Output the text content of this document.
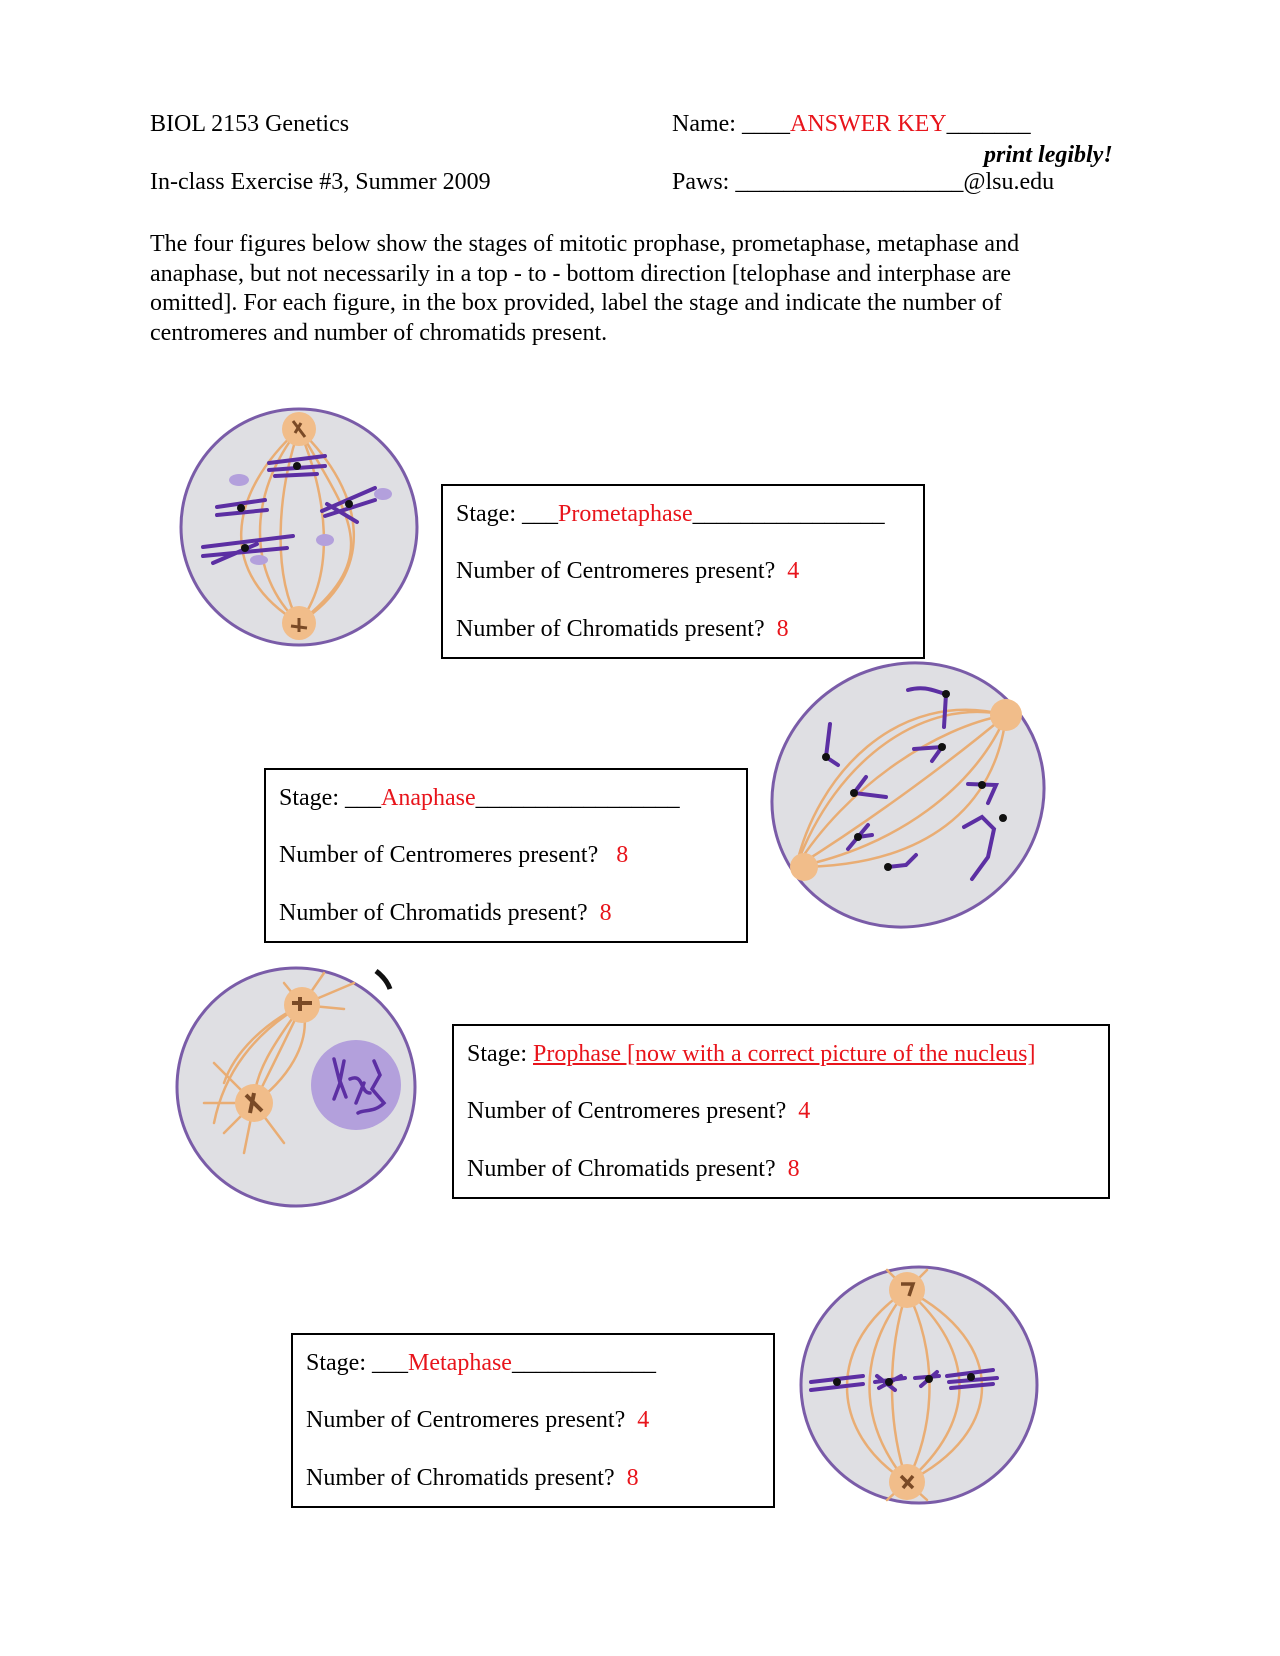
BIOL 2153 Genetics
In-class Exercise #3, Summer 2009
Name: ____ANSWER KEY_______
print legibly!
Paws: ___________________@lsu.edu
The four figures below show the stages of mitotic prophase, prometaphase, metaphase and anaphase, but not necessarily in a top - to - bottom direction [telophase and interphase are omitted]. For each figure, in the box provided, label the stage and indicate the number of centromeres and number of chromatids present.
Stage: ___Prometaphase________________
Number of Centromeres present? 4
Number of Chromatids present? 8
Stage: ___Anaphase_________________
Number of Centromeres present? 8
Number of Chromatids present? 8
Stage: Prophase [now with a correct picture of the nucleus]
Number of Centromeres present? 4
Number of Chromatids present? 8
Stage: ___Metaphase____________
Number of Centromeres present? 4
Number of Chromatids present? 8
